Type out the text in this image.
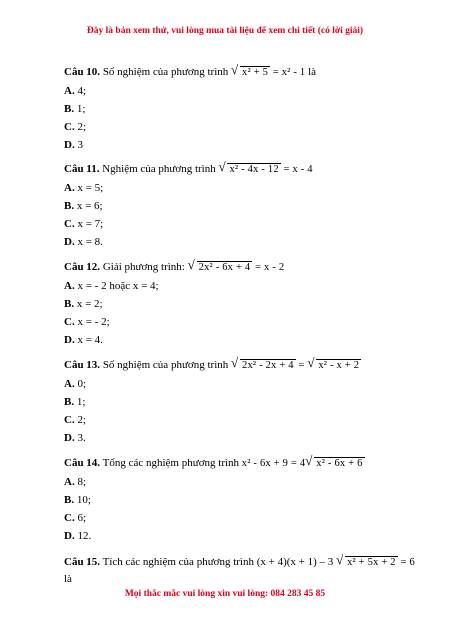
Đây là bản xem thử, vui lòng mua tài liệu để xem chi tiết (có lời giải)
Câu 10. Số nghiệm của phương trình √ x² + 5 = x² - 1 là
A. 4;
B. 1;
C. 2;
D. 3
Câu 11. Nghiệm của phương trình √ x² - 4x - 12 = x - 4
A. x = 5;
B. x = 6;
C. x = 7;
D. x = 8.
Câu 12. Giải phương trình: √ 2x² - 6x + 4 = x - 2
A. x = - 2 hoặc x = 4;
B. x = 2;
C. x = - 2;
D. x = 4.
Câu 13. Số nghiệm của phương trình √ 2x² - 2x + 4 = √ x² - x + 2
A. 0;
B. 1;
C. 2;
D. 3.
Câu 14. Tổng các nghiệm phương trình x² - 6x + 9 = 4 √ x² - 6x + 6
A. 8;
B. 10;
C. 6;
D. 12.
Câu 15. Tích các nghiệm của phương trình (x + 4)(x + 1) – 3 √ x² + 5x + 2 = 6
là
Mọi thắc mắc vui lòng xin vui lòng: 084 283 45 85
